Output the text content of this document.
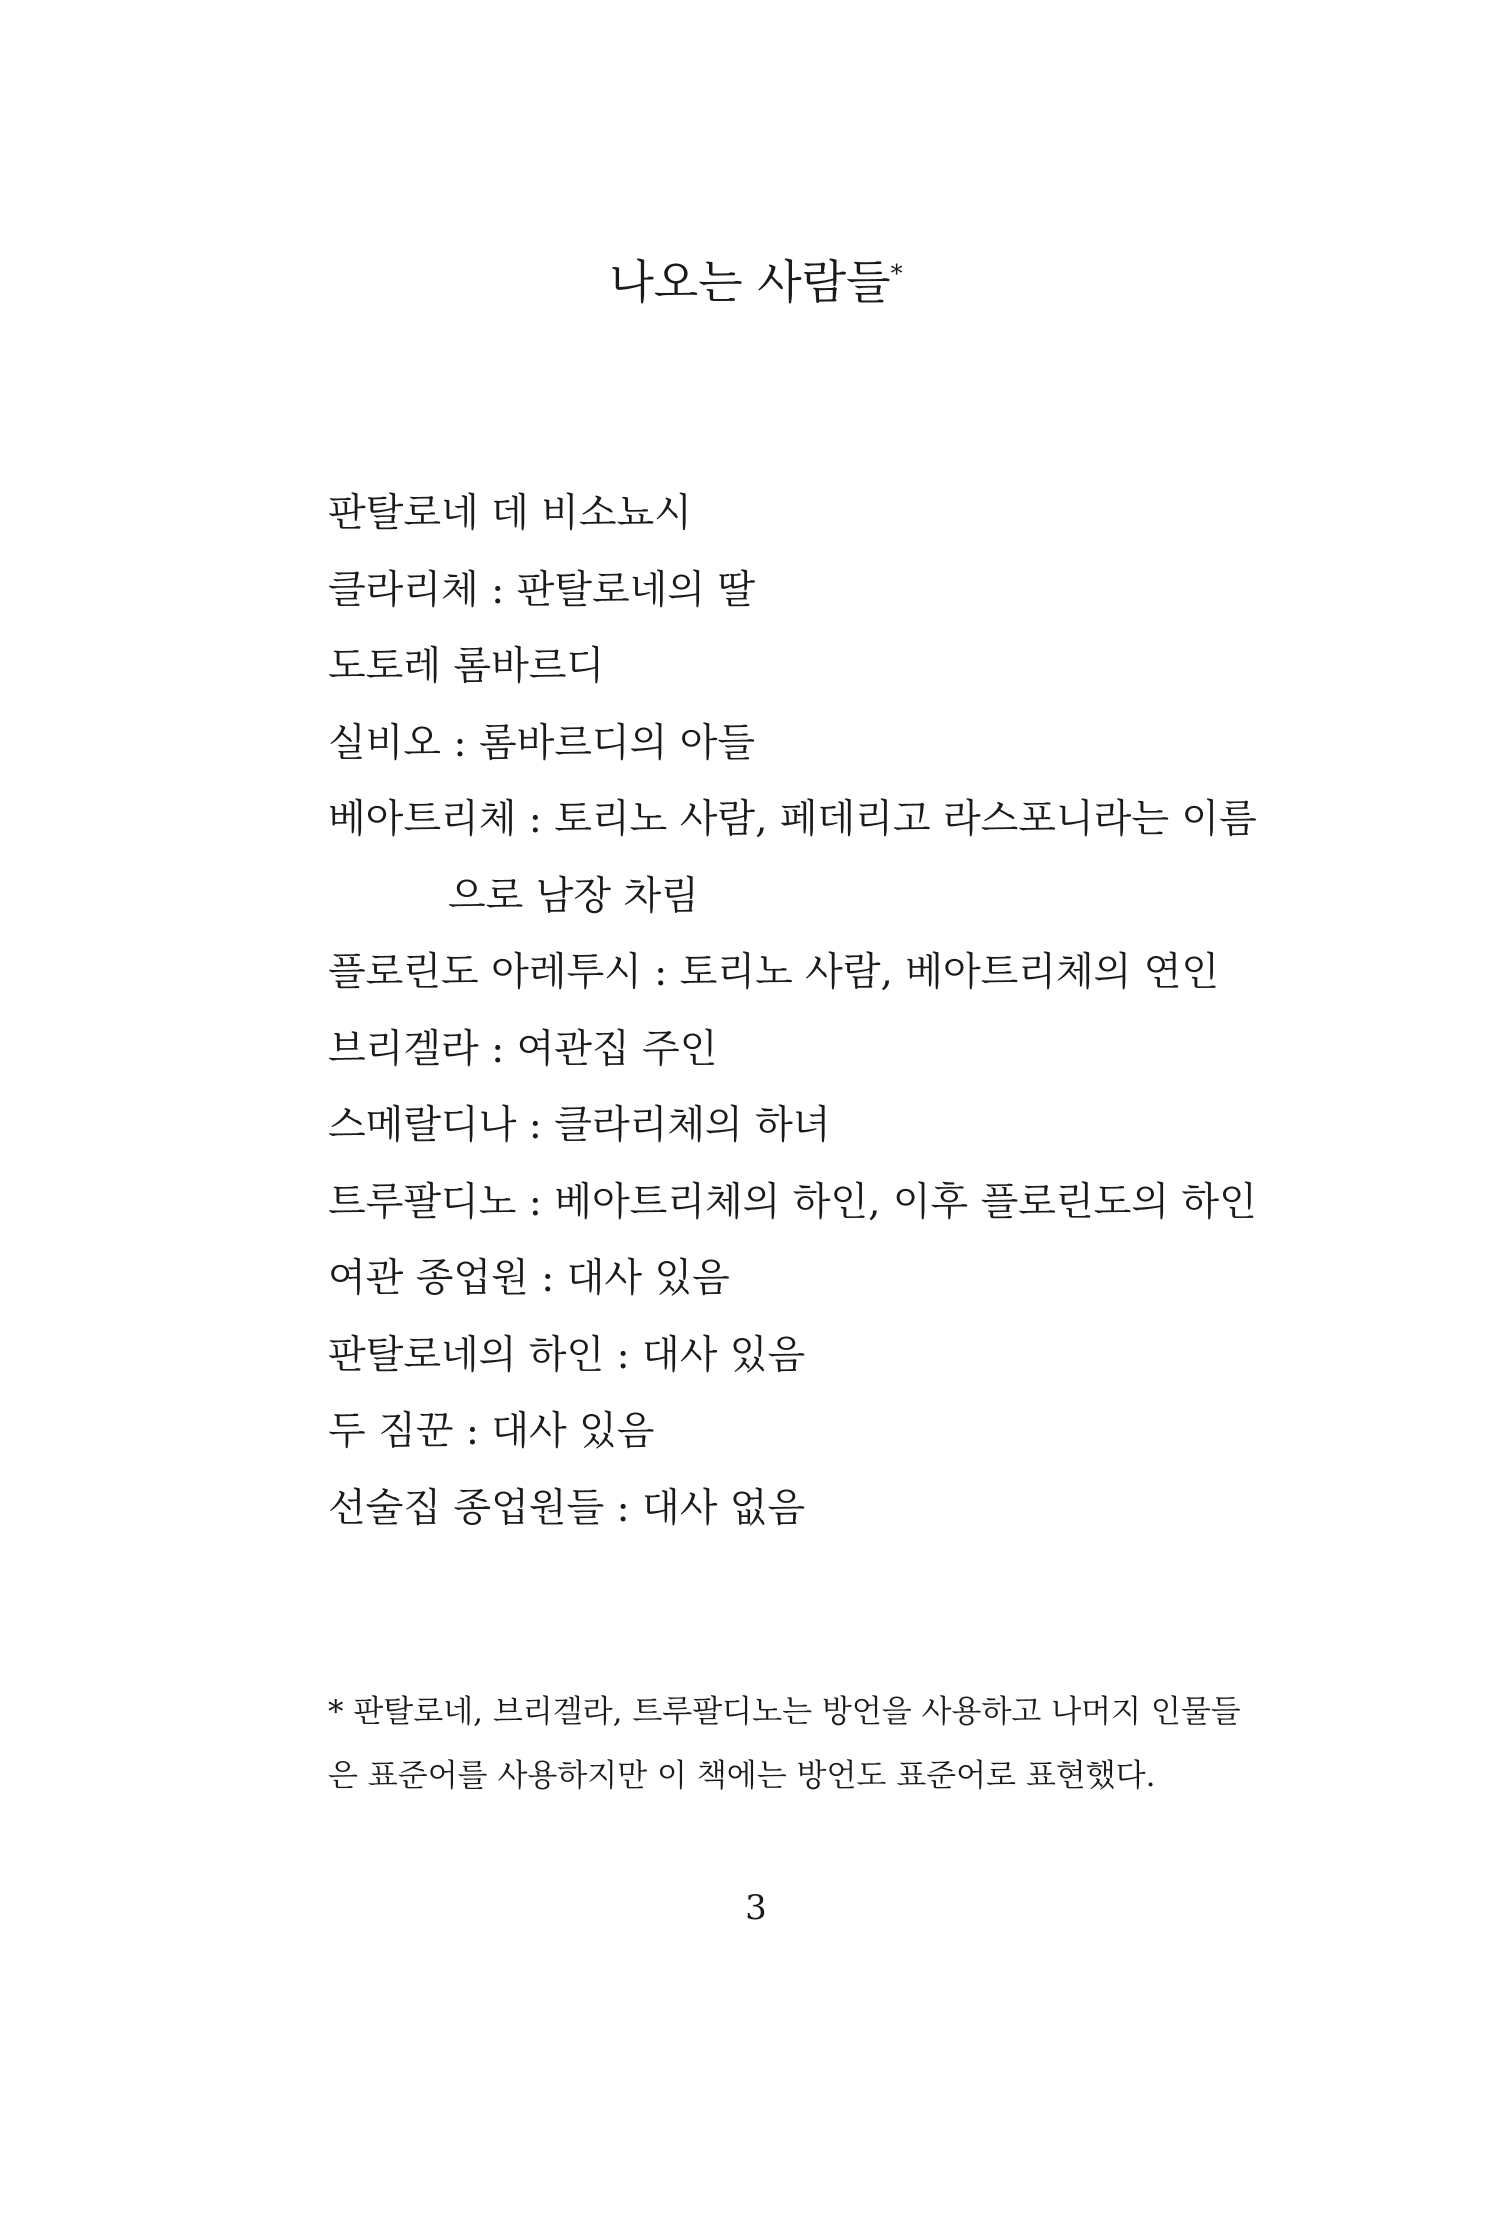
나오는 사람들*
판탈로네 데 비소뇨시
클라리체 : 판탈로네의 딸
도토레 롬바르디
실비오 : 롬바르디의 아들
베아트리체 : 토리노 사람, 페데리고 라스포니라는 이름
으로 남장 차림
플로린도 아레투시 : 토리노 사람, 베아트리체의 연인
브리겔라 : 여관집 주인
스메랄디나 : 클라리체의 하녀
트루팔디노 : 베아트리체의 하인, 이후 플로린도의 하인
여관 종업원 : 대사 있음
판탈로네의 하인 : 대사 있음
두 짐꾼 : 대사 있음
선술집 종업원들 : 대사 없음
* 판탈로네, 브리겔라, 트루팔디노는 방언을 사용하고 나머지 인물들
은 표준어를 사용하지만 이 책에는 방언도 표준어로 표현했다.
3
